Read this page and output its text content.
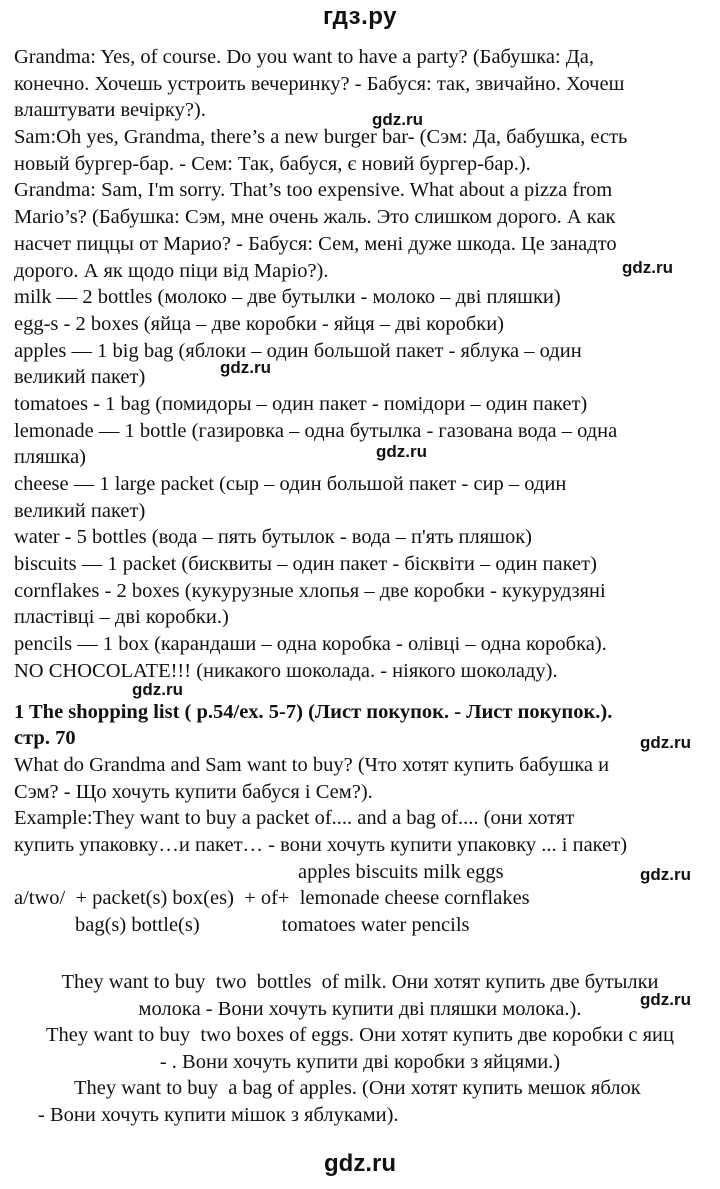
гдз.ру
Grandma: Yes, of course. Do you want to have a party? (Бабушка: Да,
конечно. Хочешь устроить вечеринку? - Бабуся: так, звичайно. Хочеш
влаштувати вечірку?).
Sam:Oh yes, Grandma, there’s a new burger bar- (Сэм: Да, бабушка, есть
новый бургер-бар. - Сем: Так, бабуся, є новий бургер-бар.).
Grandma: Sam, I'm sorry. That’s too expensive. What about a pizza from
Mario’s? (Бабушка: Сэм, мне очень жаль. Это слишком дорого. А как
насчет пиццы от Марио? - Бабуся: Сем, мені дуже шкода. Це занадто
дорого. А як щодо піци від Маріо?).
milk — 2 bottles (молоко – две бутылки - молоко – дві пляшки)
egg-s - 2 boxes (яйца – две коробки - яйця – дві коробки)
apples — 1 big bag (яблоки – один большой пакет - яблука – один
великий пакет)
tomatoes - 1 bag (помидоры – один пакет - помідори – один пакет)
lemonade — 1 bottle (газировка – одна бутылка - газована вода – одна
пляшка)
cheese — 1 large packet (сыр – один большой пакет - сир – один
великий пакет)
water - 5 bottles (вода – пять бутылок - вода – п'ять пляшок)
biscuits — 1 packet (бисквиты – один пакет - бісквіти – один пакет)
cornflakes - 2 boxes (кукурузные хлопья – две коробки - кукурудзяні
пластівці – дві коробки.)
pencils — 1 box (карандаши – одна коробка - олівці – одна коробка).
NO CHOCOLATE!!! (никакого шоколада. - ніякого шоколаду).
1 The shopping list ( p.54/ex. 5-7) (Лист покупок. - Лист покупок.).
стр. 70
What do Grandma and Sam want to buy? (Что хотят купить бабушка и
Сэм? - Що хочуть купити бабуся і Сем?).
Example:They want to buy a packet of.... and a bag of.... (они хотят
купить упаковку…и пакет… - вони хочуть купити упаковку ... і пакет)
apples biscuits milk eggs
a/two/  + packet(s) box(es)  + of+  lemonade cheese cornflakes
bag(s) bottle(s)                tomatoes water pencils
They want to buy  two  bottles  of milk. Они хотят купить две бутылки
молока - Вони хочуть купити дві пляшки молока.).
They want to buy  two boxes of eggs. Они хотят купить две коробки с яиц
- . Вони хочуть купити дві коробки з яйцями.)
They want to buy  a bag of apples. (Они хотят купить мешок яблок
- Вони хочуть купити мішок з яблуками).
gdz.ru
gdz.ru
gdz.ru
gdz.ru
gdz.ru
gdz.ru
gdz.ru
gdz.ru
gdz.ru
